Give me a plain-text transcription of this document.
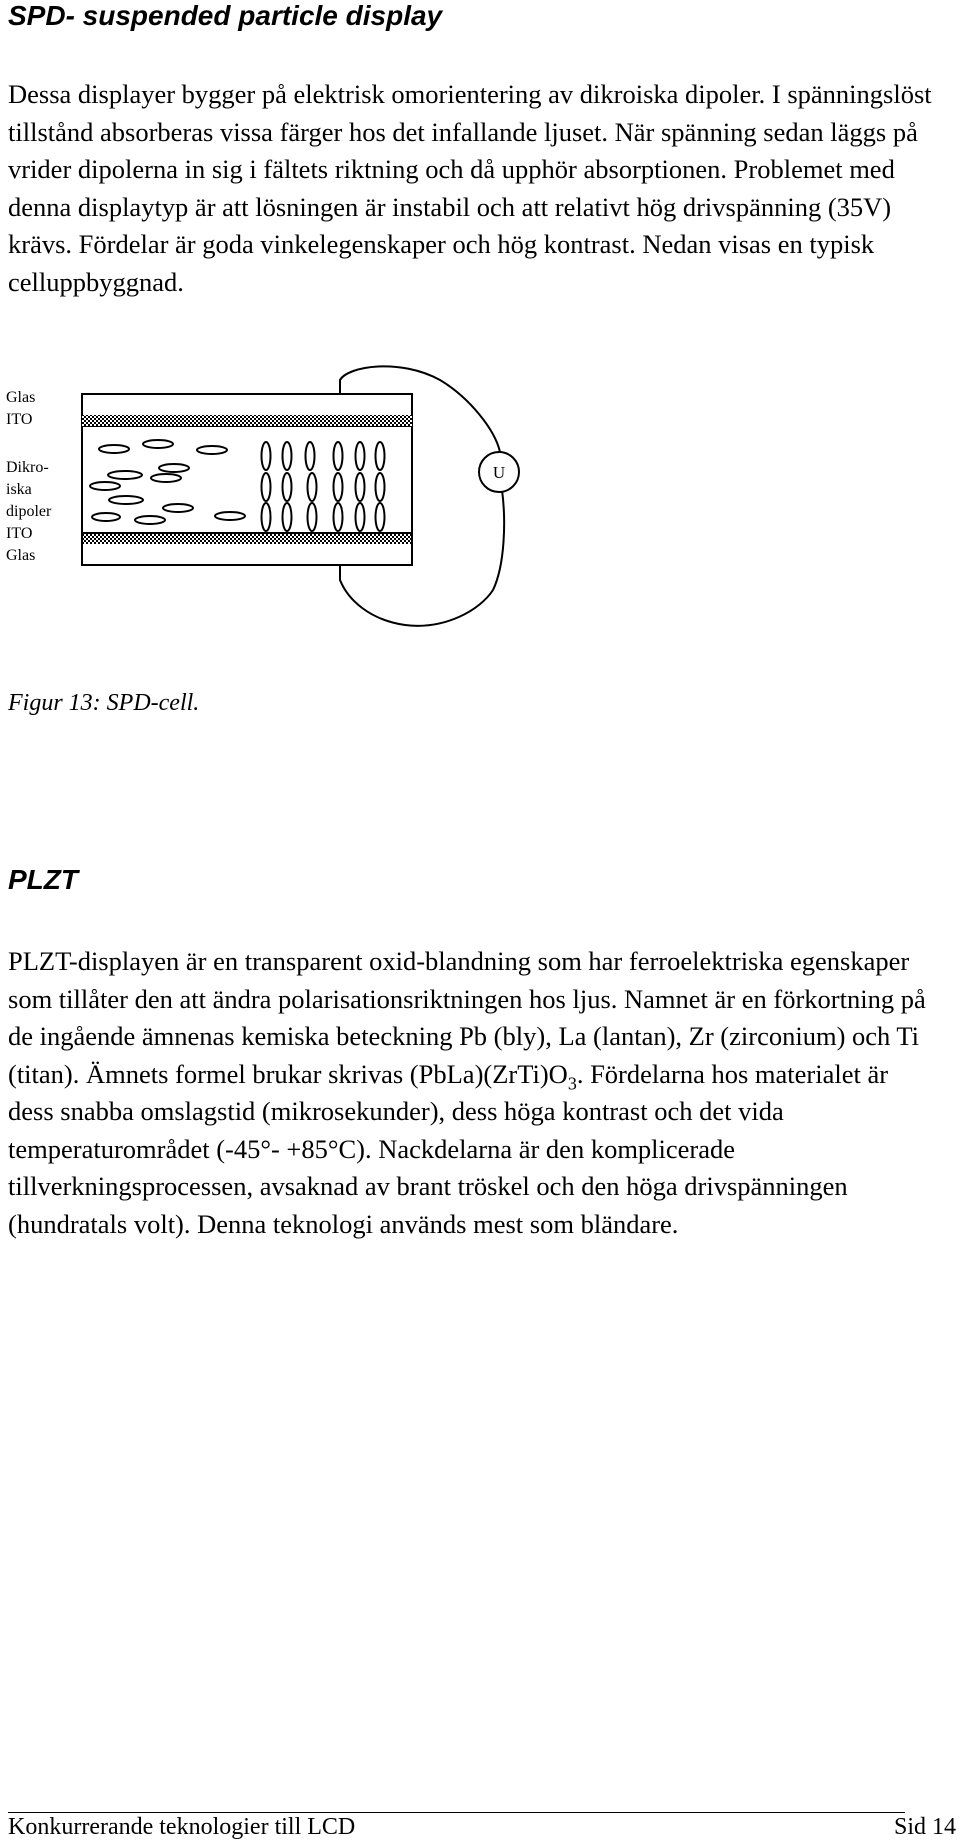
SPD- suspended particle display

Dessa displayer bygger på elektrisk omorientering av dikroiska dipoler. I spänningslöst tillstånd absorberas vissa färger hos det infallande ljuset. När spänning sedan läggs på vrider dipolerna in sig i fältets riktning och då upphör absorptionen. Problemet med denna displaytyp är att lösningen är instabil och att relativt hög drivspänning (35V) krävs. Fördelar är goda vinkelegenskaper och hög kontrast. Nedan visas en typisk celluppbyggnad.

Glas
ITO
Dikro-
iska
dipoler
ITO
Glas
U

Figur 13: SPD-cell.

PLZT

PLZT-displayen är en transparent oxid-blandning som har ferroelektriska egenskaper som tillåter den att ändra polarisationsriktningen hos ljus. Namnet är en förkortning på de ingående ämnenas kemiska beteckning Pb (bly), La (lantan), Zr (zirconium) och Ti (titan). Ämnets formel brukar skrivas $(PbLa)(ZrTi)O_3$. Fördelarna hos materialet är dess snabba omslagstid (mikrosekunder), dess höga kontrast och det vida temperaturområdet (-45°- +85°C). Nackdelarna är den komplicerade tillverkningsprocessen, avsaknad av brant tröskel och den höga drivspänningen (hundratals volt). Denna teknologi används mest som bländare.

Konkurrerande teknologier till LCD	Sid 14
